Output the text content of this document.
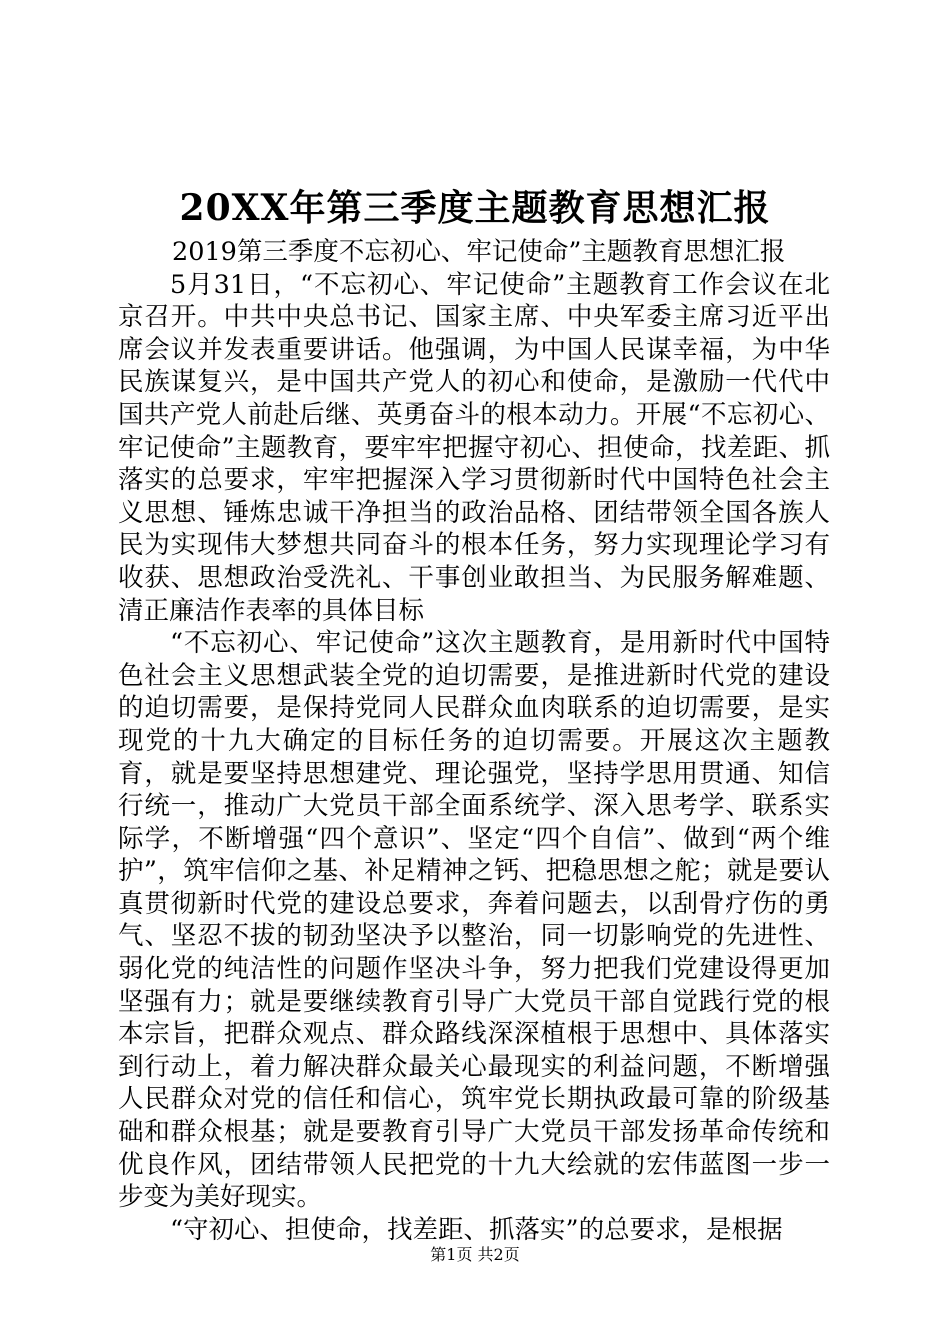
20XX年第三季度主题教育思想汇报

2019第三季度不忘初心、牢记使命”主题教育思想汇报

5月31日，“不忘初心、牢记使命”主题教育工作会议在北京召开。中共中央总书记、国家主席、中央军委主席习近平出席会议并发表重要讲话。他强调，为中国人民谋幸福，为中华民族谋复兴，是中国共产党人的初心和使命，是激励一代代中国共产党人前赴后继、英勇奋斗的根本动力。开展“不忘初心、牢记使命”主题教育，要牢牢把握守初心、担使命，找差距、抓落实的总要求，牢牢把握深入学习贯彻新时代中国特色社会主义思想、锤炼忠诚干净担当的政治品格、团结带领全国各族人民为实现伟大梦想共同奋斗的根本任务，努力实现理论学习有收获、思想政治受洗礼、干事创业敢担当、为民服务解难题、清正廉洁作表率的具体目标

“不忘初心、牢记使命”这次主题教育，是用新时代中国特色社会主义思想武装全党的迫切需要，是推进新时代党的建设的迫切需要，是保持党同人民群众血肉联系的迫切需要，是实现党的十九大确定的目标任务的迫切需要。开展这次主题教育，就是要坚持思想建党、理论强党，坚持学思用贯通、知信行统一，推动广大党员干部全面系统学、深入思考学、联系实际学，不断增强“四个意识”、坚定“四个自信”、做到“两个维护”，筑牢信仰之基、补足精神之钙、把稳思想之舵；就是要认真贯彻新时代党的建设总要求，奔着问题去，以刮骨疗伤的勇气、坚忍不拔的韧劲坚决予以整治，同一切影响党的先进性、弱化党的纯洁性的问题作坚决斗争，努力把我们党建设得更加坚强有力；就是要继续教育引导广大党员干部自觉践行党的根本宗旨，把群众观点、群众路线深深植根于思想中、具体落实到行动上，着力解决群众最关心最现实的利益问题，不断增强人民群众对党的信任和信心，筑牢党长期执政最可靠的阶级基础和群众根基；就是要教育引导广大党员干部发扬革命传统和优良作风，团结带领人民把党的十九大绘就的宏伟蓝图一步一步变为美好现实。

“守初心、担使命，找差距、抓落实”的总要求，是根据

第1页 共2页
